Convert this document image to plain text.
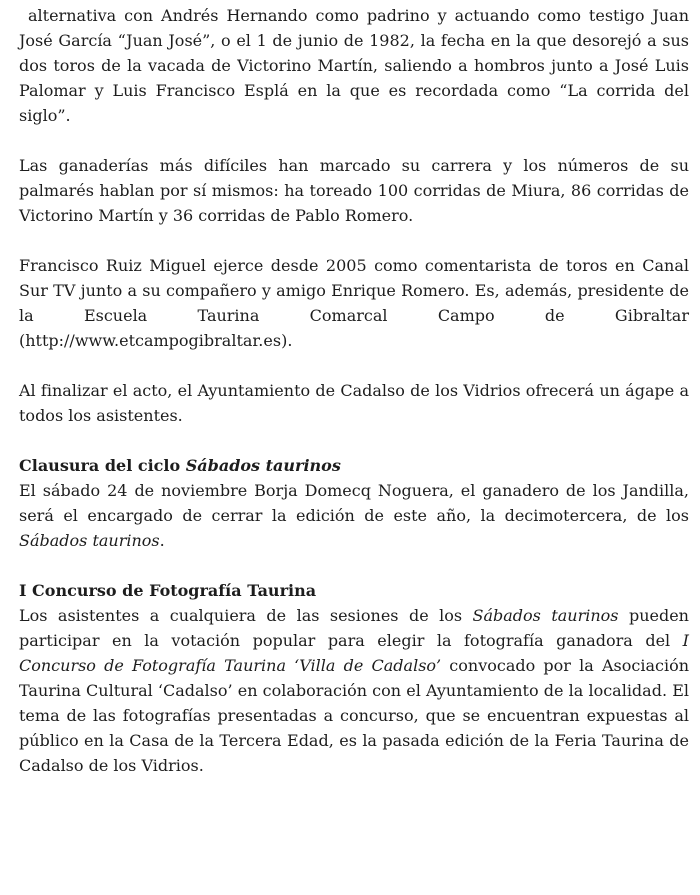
alternativa con Andrés Hernando como padrino y actuando como testigo Juan José García “Juan José”, o el 1 de junio de 1982, la fecha en la que desorejó a sus dos toros de la vacada de Victorino Martín, saliendo a hombros junto a José Luis Palomar y Luis Francisco Esplá en la que es recordada como “La corrida del siglo”.

Las ganaderías más difíciles han marcado su carrera y los números de su palmarés hablan por sí mismos: ha toreado 100 corridas de Miura, 86 corridas de Victorino Martín y 36 corridas de Pablo Romero.

Francisco Ruiz Miguel ejerce desde 2005 como comentarista de toros en Canal Sur TV junto a su compañero y amigo Enrique Romero. Es, además, presidente de la Escuela Taurina Comarcal Campo de Gibraltar (http://www.etcampogibraltar.es).

Al finalizar el acto, el Ayuntamiento de Cadalso de los Vidrios ofrecerá un ágape a todos los asistentes.

Clausura del ciclo Sábados taurinos

El sábado 24 de noviembre Borja Domecq Noguera, el ganadero de los Jandilla, será el encargado de cerrar la edición de este año, la decimotercera, de los Sábados taurinos.

I Concurso de Fotografía Taurina

Los asistentes a cualquiera de las sesiones de los Sábados taurinos pueden participar en la votación popular para elegir la fotografía ganadora del I Concurso de Fotografía Taurina ‘Villa de Cadalso’ convocado por la Asociación Taurina Cultural ‘Cadalso’ en colaboración con el Ayuntamiento de la localidad. El tema de las fotografías presentadas a concurso, que se encuentran expuestas al público en la Casa de la Tercera Edad, es la pasada edición de la Feria Taurina de Cadalso de los Vidrios.
